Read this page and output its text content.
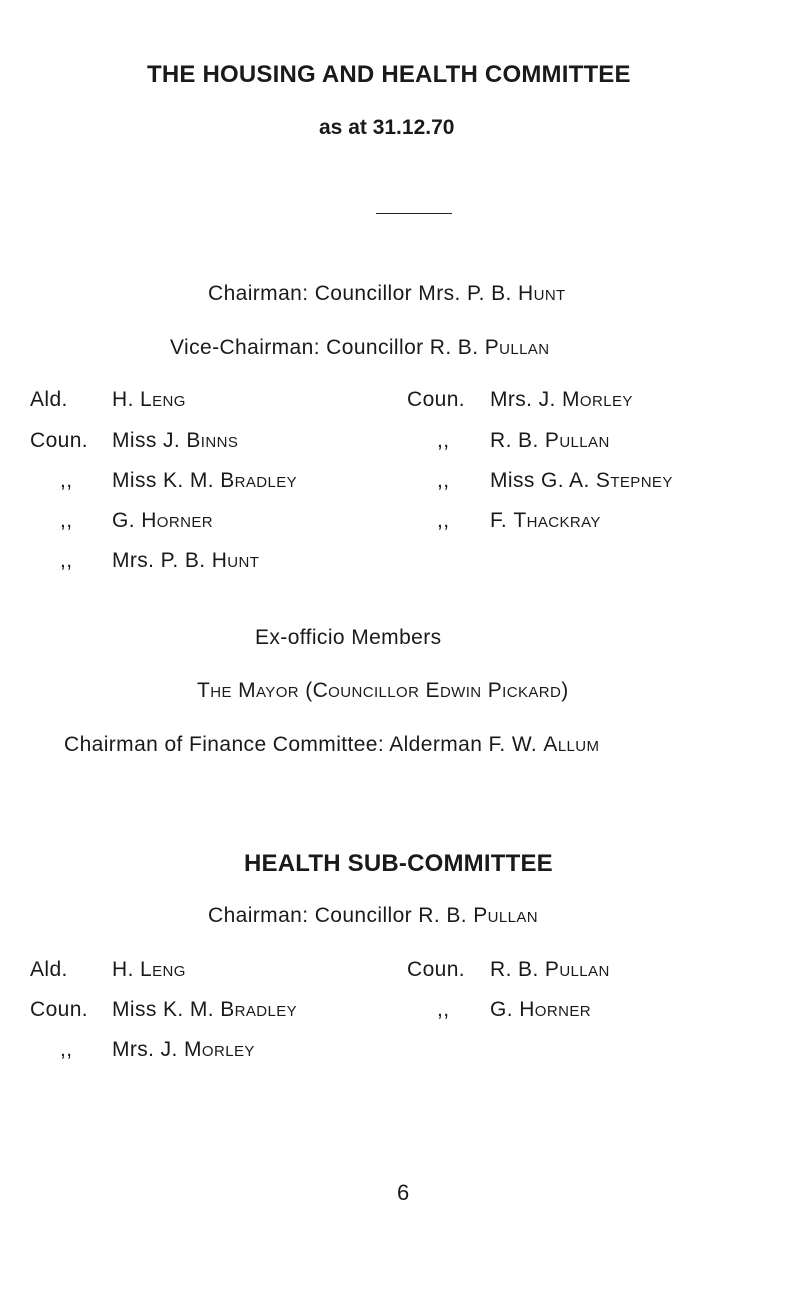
THE HOUSING AND HEALTH COMMITTEE
as at 31.12.70
Chairman: Councillor Mrs. P. B. Hunt
Vice-Chairman: Councillor R. B. Pullan
Ald. H. Leng
Coun. Miss J. Binns
,, Miss K. M. Bradley
,, G. Horner
,, Mrs. P. B. Hunt
Coun. Mrs. J. Morley
,, R. B. Pullan
,, Miss G. A. Stepney
,, F. Thackray
Ex-officio Members
The Mayor (Councillor Edwin Pickard)
Chairman of Finance Committee: Alderman F. W. Allum
HEALTH SUB-COMMITTEE
Chairman: Councillor R. B. Pullan
Ald. H. Leng
Coun. Miss K. M. Bradley
,, Mrs. J. Morley
Coun. R. B. Pullan
,, G. Horner
6
